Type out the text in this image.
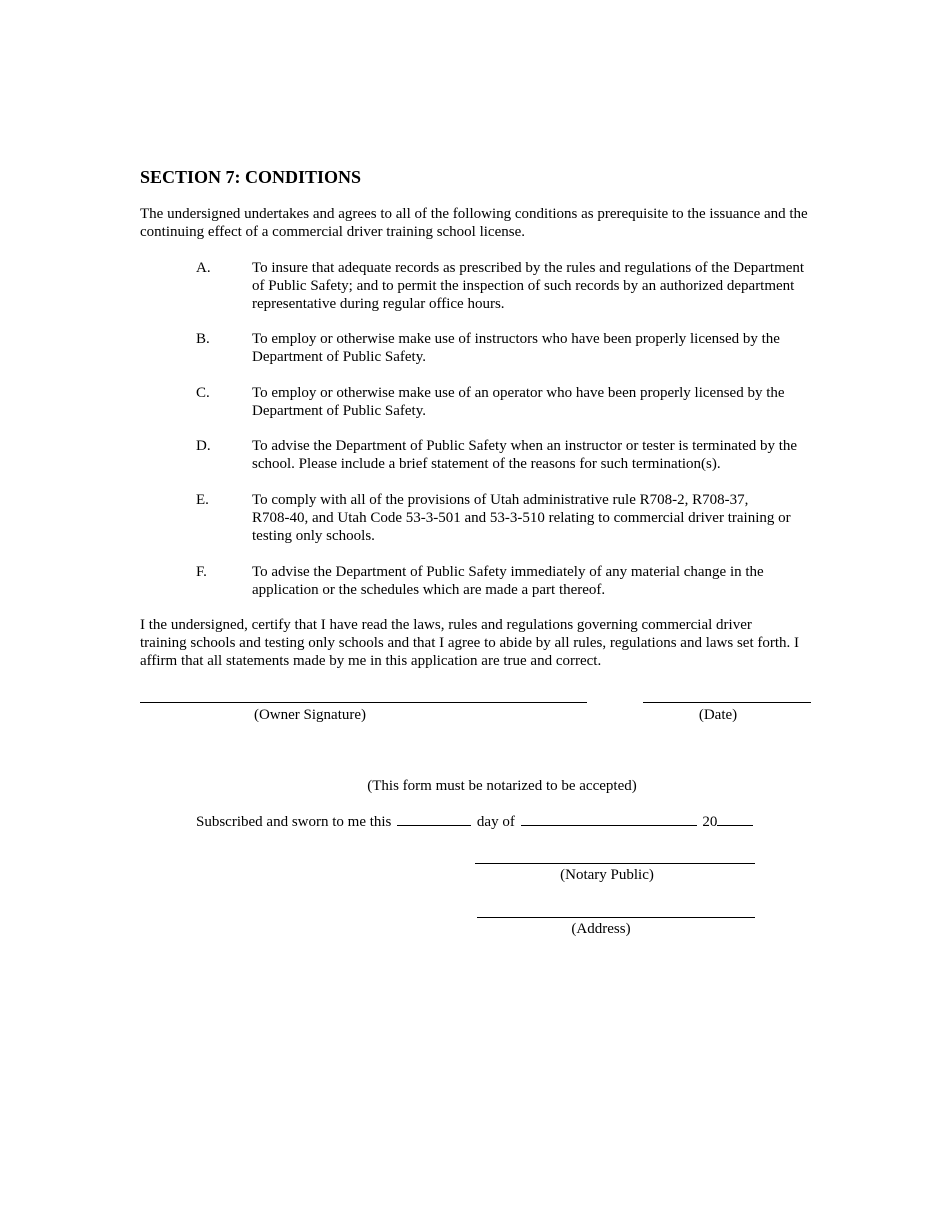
SECTION 7: CONDITIONS

The undersigned undertakes and agrees to all of the following conditions as prerequisite to the issuance and the continuing effect of a commercial driver training school license.

A.	To insure that adequate records as prescribed by the rules and regulations of the Department of Public Safety; and to permit the inspection of such records by an authorized department representative during regular office hours.
B.	To employ or otherwise make use of instructors who have been properly licensed by the Department of Public Safety.
C.	To employ or otherwise make use of an operator who have been properly licensed by the Department of Public Safety.
D.	To advise the Department of Public Safety when an instructor or tester is terminated by the school. Please include a brief statement of the reasons for such termination(s).
E.	To comply with all of the provisions of Utah administrative rule R708-2, R708-37,
R708-40, and Utah Code 53-3-501 and 53-3-510 relating to commercial driver training or testing only schools.
F.	To advise the Department of Public Safety immediately of any material change in the application or the schedules which are made a part thereof.

I the undersigned, certify that I have read the laws, rules and regulations governing commercial driver training schools and testing only schools and that I agree to abide by all rules, regulations and laws set forth. I affirm that all statements made by me in this application are true and correct.

(Owner Signature)	(Date)
(This form must be notarized to be accepted)
Subscribed and sworn to me this	day of	20
(Notary Public)
(Address)
